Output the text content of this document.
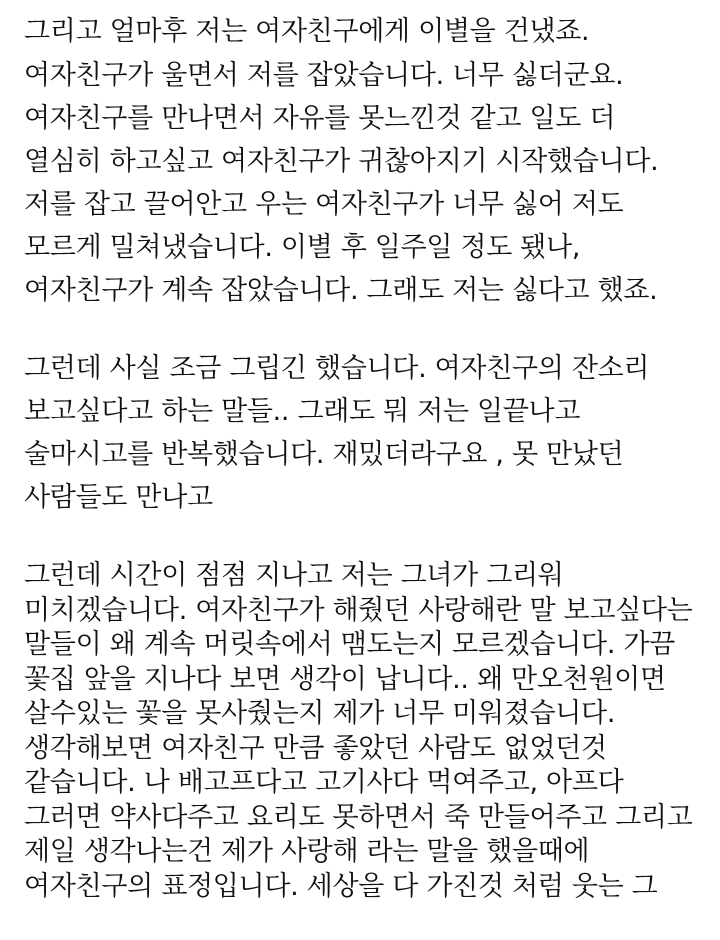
그리고 얼마후 저는 여자친구에게 이별을 건냈죠.
여자친구가 울면서 저를 잡았습니다. 너무 싫더군요.
여자친구를 만나면서 자유를 못느낀것 같고 일도 더
열심히 하고싶고 여자친구가 귀찮아지기 시작했습니다.
저를 잡고 끌어안고 우는 여자친구가 너무 싫어 저도
모르게 밀쳐냈습니다. 이별 후 일주일 정도 됐나,
여자친구가 계속 잡았습니다. 그래도 저는 싫다고 했죠.
그런데 사실 조금 그립긴 했습니다. 여자친구의 잔소리
보고싶다고 하는 말들.. 그래도 뭐 저는 일끝나고
술마시고를 반복했습니다. 재밌더라구요 , 못 만났던
사람들도 만나고
그런데 시간이 점점 지나고 저는 그녀가 그리워
미치겠습니다. 여자친구가 해줬던 사랑해란 말 보고싶다는
말들이 왜 계속 머릿속에서 맴도는지 모르겠습니다. 가끔
꽃집 앞을 지나다 보면 생각이 납니다.. 왜 만오천원이면
살수있는 꽃을 못사줬는지 제가 너무 미워졌습니다.
생각해보면 여자친구 만큼 좋았던 사람도 없었던것
같습니다. 나 배고프다고 고기사다 먹여주고, 아프다
그러면 약사다주고 요리도 못하면서 죽 만들어주고 그리고
제일 생각나는건 제가 사랑해 라는 말을 했을때에
여자친구의 표정입니다. 세상을 다 가진것 처럼 웃는 그
